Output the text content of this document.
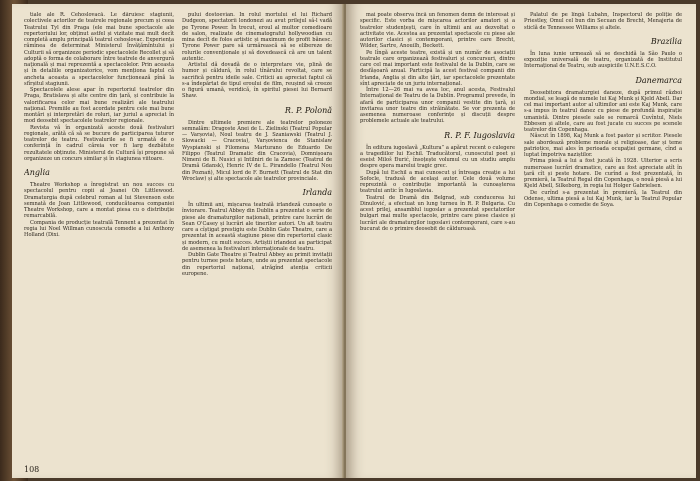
tiale ale R. Cehoslovacă. Le dăruiesc stagiunii, colectivele actorilor de teatrele regionale precum și ceea Teatrului Tyl din Praga (ele mai bune spectacole ale repertoriului lor, obținut astfel și vizitate mai mult decît completă amplu principală teatrul cehoslovac. Experiența rămînea de determinat Ministerul Învățămîntului și Culturii să organizeze periodic spectacolele Recollet și să adoptă o forma de colaborare între teatrele de anvergură națională și mai reprezentă a spectacolelor. Prin aceasta și în detaliile organizatorice, vom menționa faptul că ancheta aceasta a spectacolelor funcționează pînă la sfîrșitul stagiunii.

Spectacolele alese apar în repertoriul teatrelor din Praga, Bratislava și alte centre din țară, și contribuie la valorificarea celor mai bune realizări ale teatrului național. Premiile au fost acordate pentru cele mai bune montări și interpretări de roluri, iar juriul a apreciat în mod deosebit spectacolele teatrelor regionale.

Revista vă în organizată aceste două festivaluri regionale, arătă că să se bucure de participarea tuturor teatrelor de teatru. Festivalurile se fi urmată de o conferință în cadrul căreia vor fi larg dezbătute rezultatele obținute. Ministerul de Cultură își propune să organizeze un concurs similar și în stagiunea viitoare.

Anglia

Theatre Workshop a înregistrat un nou succes cu spectacolul pentru copii al Joanei Oh Littlewood. Dramaturgia după celebrul roman al lui Stevenson este semnată de Joan Littlewood, conducătoarea companiei Theatre Workshop, care a montat piesa cu o distribuție remarcabilă.

Compania de producție teatrală Tennent a prezentat în regia lui Noel Willman cunoscuta comedie a lui Anthony Holland (Dixi.

pului dostoevian. În rolul mortului el lui Richard Dudgeon, spectatorii londonezi au avut prilejul să-l vadă pe Tyrone Power. În trecut, eroul al multor comedioare de salon, realizate de cinematograful hollywoodian cu mina decît de folos artistic și maximum de profit bănesc. Tyrone Power pare să urmărească să se elibereze de rolurile convenționale și să dovedească că are un talent autentic.

Artistul dă dovadă de o interpretare vie, plină de humor și căldură, în rolul tînărului revoltat, care se sacrifică pentru ideile sale. Criticii au apreciat faptul că s-a îndepărtat de tipul eroului de film, reușind să creeze o figură umană, veridică, în spiritul piesei lui Bernard Shaw.

R. P. Polonă

Dintre ultimele premiere ale teatrelor poloneze semnalăm: Dragoste Anei de L. Zielinski (Teatrul Popular — Varșovia), Noul teatru de J. Szaniawski (Teatrul J. Slowacki — Cracovia), Varșovienca de Stanislaw Wyspianski și Filomena Marturano de Eduardo De Filippo (Teatrul Dramatic din Cracovia), Domnișoara Nimeni de B. Nusici și Intilniri de la Zamosc (Teatrul de Dramă Gdansk), Henric IV de L. Pirandello (Teatrul Nou din Poznań), Micul lord de F. Burnett (Teatrul de Stat din Wroclaw) și alte spectacole ale teatrelor provinciale.

Irlanda

În ultimii ani, mișcarea teatrală irlandeză cunoaște o înviorare. Teatrul Abbey din Dublin a prezentat o serie de piese ale dramaturgilor naționali, printre care lucrări de Sean O'Casey și lucrări ale tinerilor autori. Un alt teatru care a cîștigat prestigiu este Dublin Gate Theatre, care a prezentat în această stagiune piese din repertoriul clasic și modern, cu mult succes. Artiștii irlandezi au participat de asemenea la festivaluri internaționale de teatru.

Dublin Gate Theatre și Teatrul Abbey au primit invitații pentru turnee peste hotare, unde au prezentat spectacole din repertoriul național, atrăgînd atenția criticii europene.

108

mai poate observa încă un fenomen demn de interesat și specific. Este vorba de mișcarea actorilor amatori și a teatrelor studențești, care în ultimii ani au dezvoltat o activitate vie. Acestea au prezentat spectacole cu piese ale autorilor clasici și contemporani, printre care Brecht, Wilder, Sartre, Anouilh, Beckett.

Pe lîngă aceste teatre, există și un număr de asociații teatrale care organizează festivaluri și concursuri, dintre care cel mai important este festivalul de la Dublin, care se desfășoară anual. Participă la acest festival companii din Irlanda, Anglia și din alte țări, iar spectacolele prezentate sînt apreciate de un juriu internațional.

Între 12—26 mai va avea loc, anul acesta, Festivalul Internațional de Teatru de la Dublin. Programul prevede, în afară de participarea unor companii vestite din țară, și invitarea unor teatre din străinătate. Se vor prezenta de asemenea numeroase conferințe și discuții despre problemele actuale ale teatrului.

R. P. F. Iugoslavia

În editura iugoslavă „Kultura” a apărut recent o culegere a tragediilor lui Eschil. Traducătorul, cunoscutul poet și eseist Miloš Đurić, însoțește volumul cu un studiu amplu despre opera marelui tragic grec.

După lui Eschil a mai cunoscut și întreaga creație a lui Sofocle, tradusă de același autor. Cele două volume reprezintă o contribuție importantă la cunoașterea teatrului antic în Iugoslavia.

Teatrul de Dramă din Belgrad, sub conducerea lui Dinulović, a efectuat un lung turneu în R. P. Bulgaria. Cu acest prilej, ansamblul iugoslav a prezentat spectatorilor bulgari mai multe spectacole, printre care piese clasice și lucrări ale dramaturgilor iugoslavi contemporani, care s-au bucurat de o primire deosebit de călduroasă.

Palatul de pe lîngă Lubahn, Inspectorul de poliție de Priestley, Omul cel bun din Secuan de Brecht, Menajeria de sticlă de Tennessee Williams și altele.

Brazilia

În luna iunie urmează să se deschidă la São Paulo o expoziție universală de teatru, organizată de Institutul Internațional de Teatru, sub auspiciile U.N.E.S.C.O.

Danemarca

Deosebitora dramaturgiei daneze, după primul război mondial, se leagă de numele lui Kaj Munk și Kjeld Abell. Dar cel mai important autor al ultimilor ani este Kaj Munk, care s-a impus în teatrul danez cu piese de profundă inspirație umanistă. Dintre piesele sale se remarcă Cuvîntul, Niels Ebbesen și altele, care au fost jucate cu succes pe scenele teatrelor din Copenhaga.

Născut în 1898, Kaj Munk a fost pastor și scriitor. Piesele sale abordează probleme morale și religioase, dar și teme patriotice, mai ales în perioada ocupației germane, cînd a luptat împotriva naziștilor.

Prima piesă a lui a fost jucată în 1928. Ulterior a scris numeroase lucrări dramatice, care au fost apreciate atît în țară cît și peste hotare. De curînd a fost prezentată, în premieră, la Teatrul Regal din Copenhaga, o nouă piesă a lui Kjeld Abell, Silkeborg, în regia lui Holger Gabrielsen.

De curînd s-a prezentat în premieră, la Teatrul din Odense, ultima piesă a lui Kaj Munk, iar la Teatrul Popular din Copenhaga o comedie de Soya.
